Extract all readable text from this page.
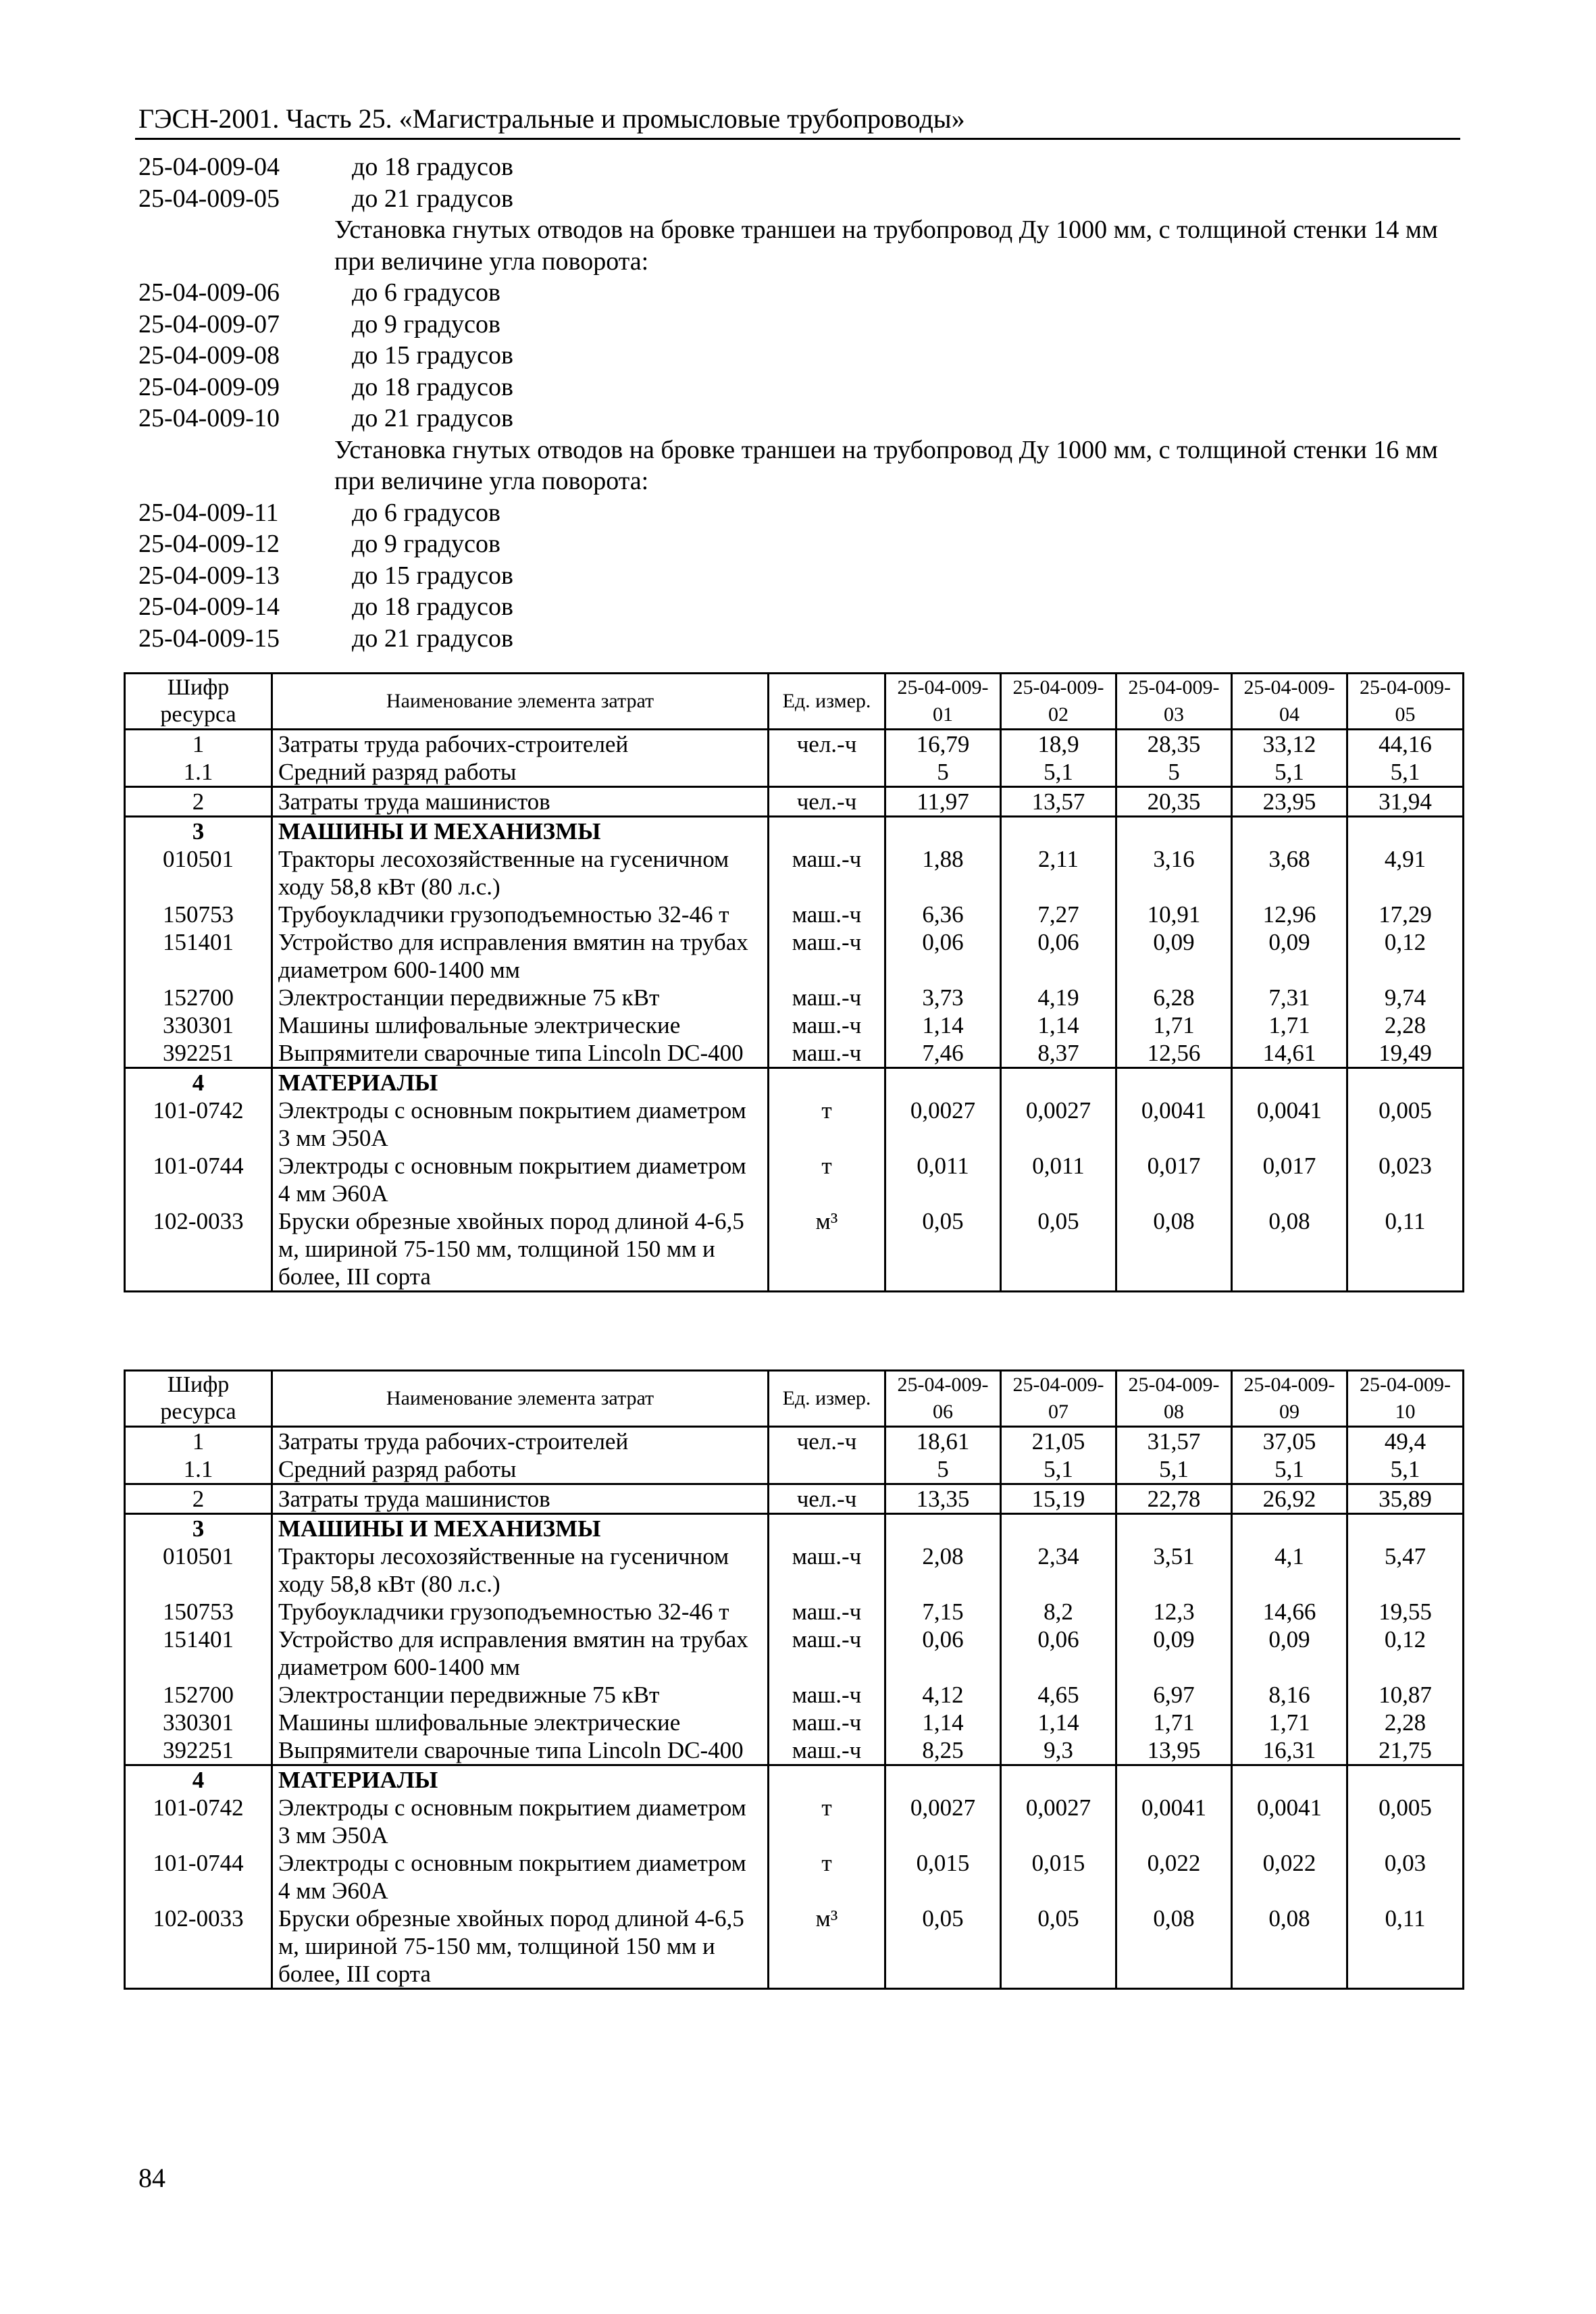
ГЭСН-2001. Часть 25. «Магистральные и промысловые трубопроводы»
25-04-009-04	до 18 градусов
25-04-009-05	до 21 градусов
Установка гнутых отводов на бровке траншеи на трубопровод Ду 1000 мм, с толщиной стенки 14 мм при величине угла поворота:
25-04-009-06	до 6 градусов
25-04-009-07	до 9 градусов
25-04-009-08	до 15 градусов
25-04-009-09	до 18 градусов
25-04-009-10	до 21 градусов
Установка гнутых отводов на бровке траншеи на трубопровод Ду 1000 мм, с толщиной стенки 16 мм при величине угла поворота:
25-04-009-11	до 6 градусов
25-04-009-12	до 9 градусов
25-04-009-13	до 15 градусов
25-04-009-14	до 18 градусов
25-04-009-15	до 21 градусов
Шифр ресурса	Наименование элемента затрат	Ед. измер.	25-04-009-01	25-04-009-02	25-04-009-03	25-04-009-04	25-04-009-05
1	Затраты труда рабочих-строителей	чел.-ч	16,79	18,9	28,35	33,12	44,16
1.1	Средний разряд работы		5	5,1	5	5,1	5,1
2	Затраты труда машинистов	чел.-ч	11,97	13,57	20,35	23,95	31,94
3	МАШИНЫ И МЕХАНИЗМЫ						
010501	Тракторы лесохозяйственные на гусеничном ходу 58,8 кВт (80 л.с.)	маш.-ч	1,88	2,11	3,16	3,68	4,91
150753	Трубоукладчики грузоподъемностью 32-46 т	маш.-ч	6,36	7,27	10,91	12,96	17,29
151401	Устройство для исправления вмятин на трубах диаметром 600-1400 мм	маш.-ч	0,06	0,06	0,09	0,09	0,12
152700	Электростанции передвижные 75 кВт	маш.-ч	3,73	4,19	6,28	7,31	9,74
330301	Машины шлифовальные электрические	маш.-ч	1,14	1,14	1,71	1,71	2,28
392251	Выпрямители сварочные типа Lincoln DC-400	маш.-ч	7,46	8,37	12,56	14,61	19,49
4	МАТЕРИАЛЫ						
101-0742	Электроды с основным покрытием диаметром 3 мм Э50А	т	0,0027	0,0027	0,0041	0,0041	0,005
101-0744	Электроды с основным покрытием диаметром 4 мм Э60А	т	0,011	0,011	0,017	0,017	0,023
102-0033	Бруски обрезные хвойных пород длиной 4-6,5 м, шириной 75-150 мм, толщиной 150 мм и более, III сорта	м³	0,05	0,05	0,08	0,08	0,11
Шифр ресурса	Наименование элемента затрат	Ед. измер.	25-04-009-06	25-04-009-07	25-04-009-08	25-04-009-09	25-04-009-10
1	Затраты труда рабочих-строителей	чел.-ч	18,61	21,05	31,57	37,05	49,4
1.1	Средний разряд работы		5	5,1	5,1	5,1	5,1
2	Затраты труда машинистов	чел.-ч	13,35	15,19	22,78	26,92	35,89
3	МАШИНЫ И МЕХАНИЗМЫ						
010501	Тракторы лесохозяйственные на гусеничном ходу 58,8 кВт (80 л.с.)	маш.-ч	2,08	2,34	3,51	4,1	5,47
150753	Трубоукладчики грузоподъемностью 32-46 т	маш.-ч	7,15	8,2	12,3	14,66	19,55
151401	Устройство для исправления вмятин на трубах диаметром 600-1400 мм	маш.-ч	0,06	0,06	0,09	0,09	0,12
152700	Электростанции передвижные 75 кВт	маш.-ч	4,12	4,65	6,97	8,16	10,87
330301	Машины шлифовальные электрические	маш.-ч	1,14	1,14	1,71	1,71	2,28
392251	Выпрямители сварочные типа Lincoln DC-400	маш.-ч	8,25	9,3	13,95	16,31	21,75
4	МАТЕРИАЛЫ						
101-0742	Электроды с основным покрытием диаметром 3 мм Э50А	т	0,0027	0,0027	0,0041	0,0041	0,005
101-0744	Электроды с основным покрытием диаметром 4 мм Э60А	т	0,015	0,015	0,022	0,022	0,03
102-0033	Бруски обрезные хвойных пород длиной 4-6,5 м, шириной 75-150 мм, толщиной 150 мм и более, III сорта	м³	0,05	0,05	0,08	0,08	0,11
84
